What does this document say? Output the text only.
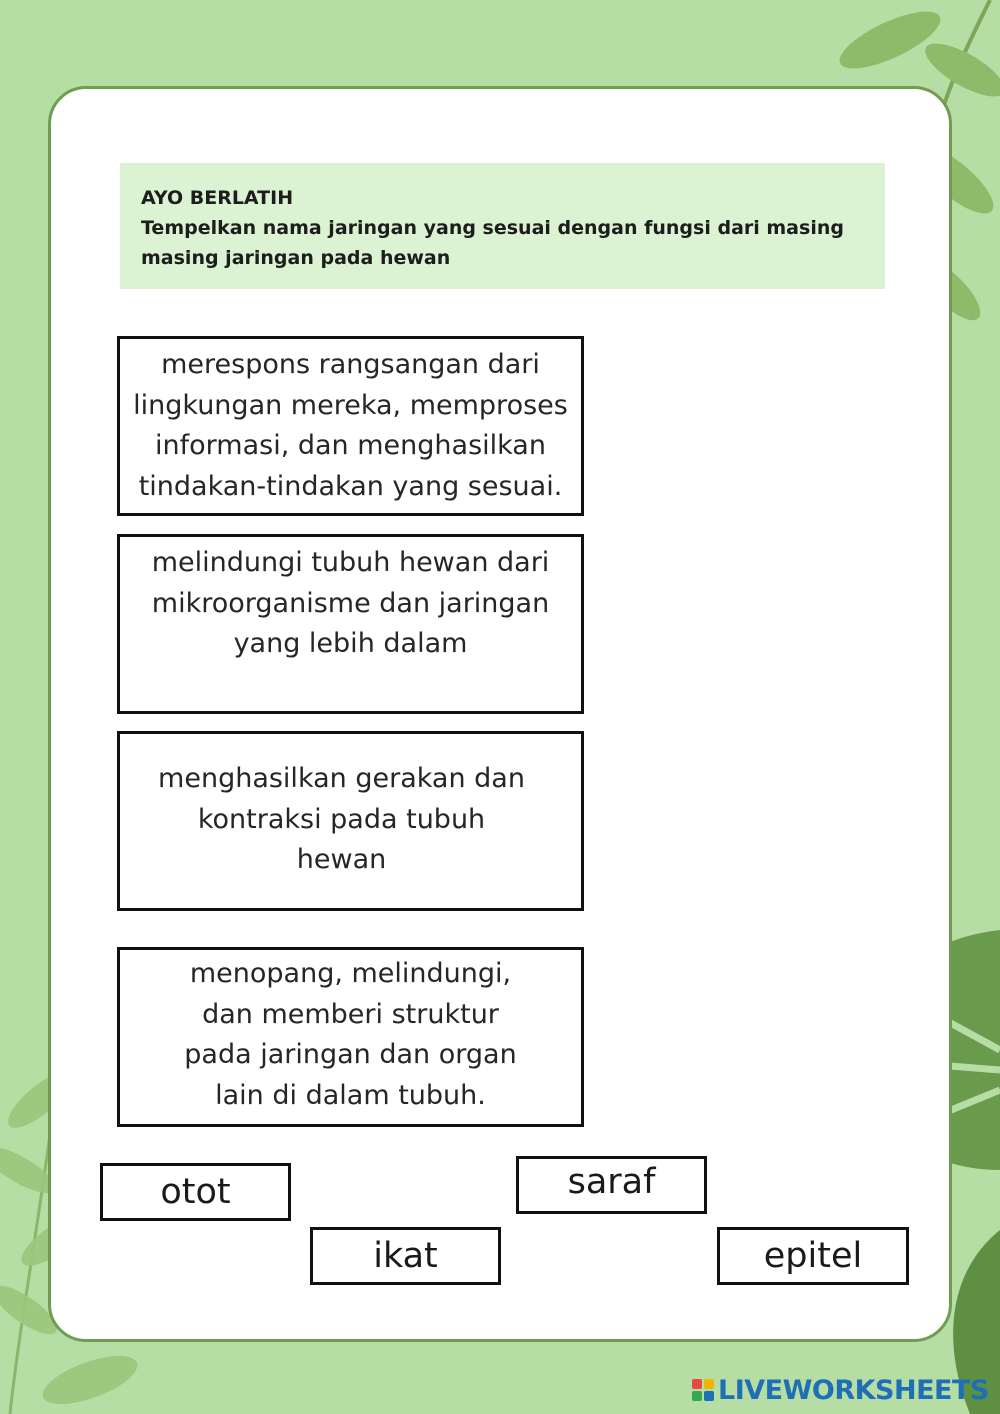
AYO BERLATIH
Tempelkan nama jaringan yang sesuai dengan fungsi dari masing
masing jaringan pada hewan
merespons rangsangan dari
lingkungan mereka, memproses
informasi, dan menghasilkan
tindakan-tindakan yang sesuai.
melindungi tubuh hewan dari
mikroorganisme dan jaringan
yang lebih dalam
menghasilkan gerakan dan
kontraksi pada tubuh
hewan
menopang, melindungi,
dan memberi struktur
pada jaringan dan organ
lain di dalam tubuh.
otot	saraf
ikat	epitel
LIVEWORKSHEETS
